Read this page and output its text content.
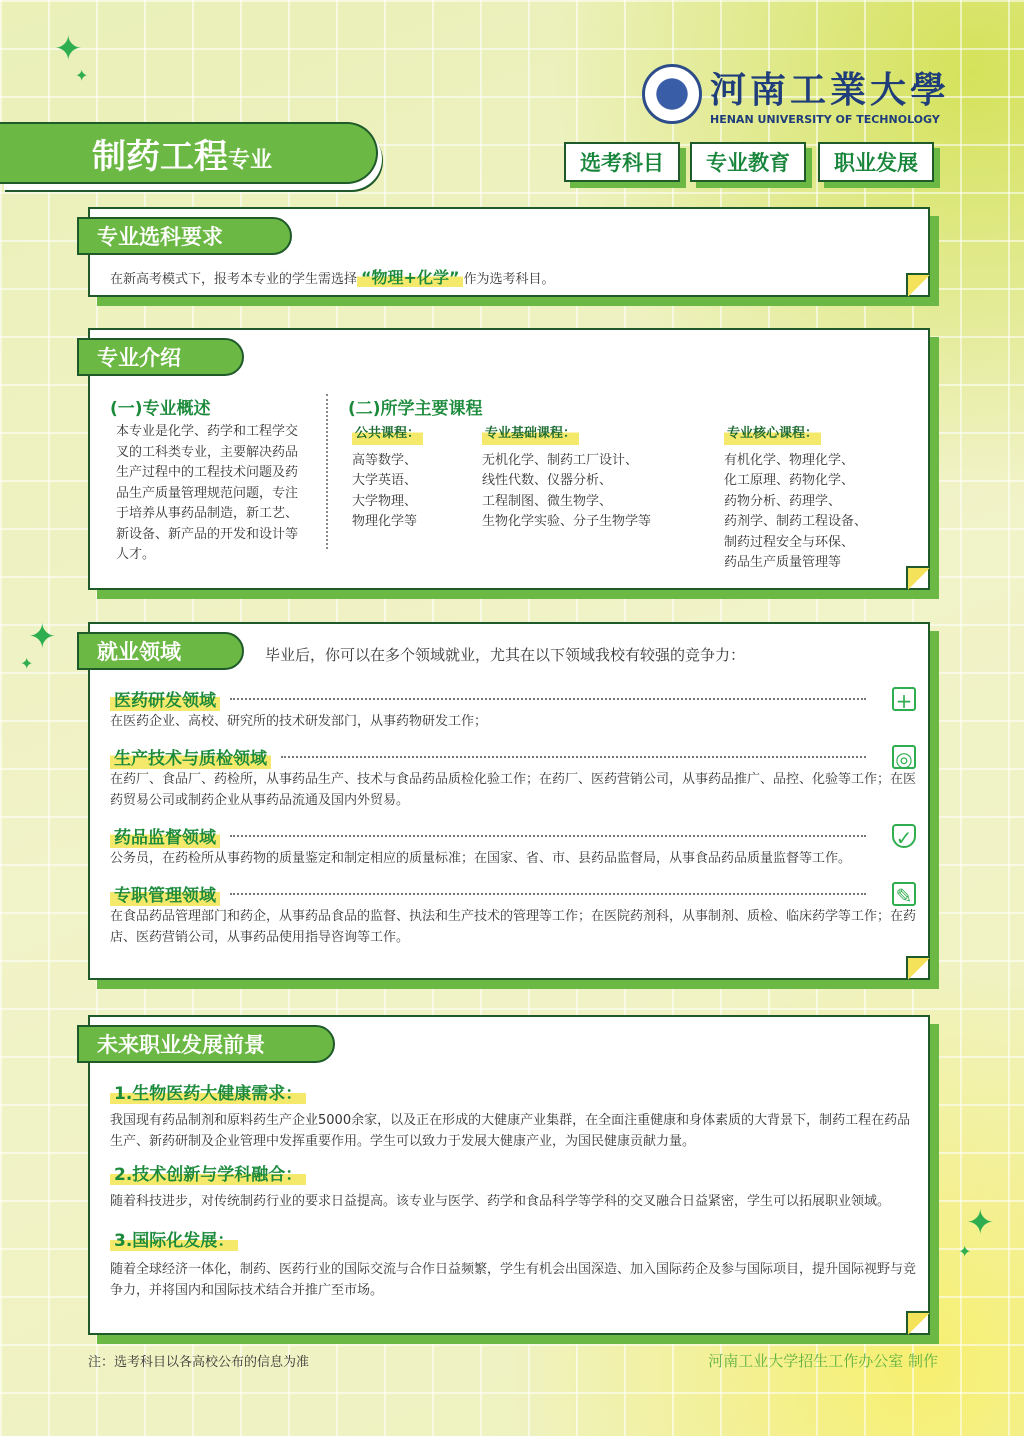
✦
✦
✦
✦
✦
✦
河南工業大學
HENAN UNIVERSITY OF TECHNOLOGY
制药工程 专业	选考科目	专业教育	职业发展
专业选科要求
在新高考模式下，报考本专业的学生需选择 “物理+化学” 作为选考科目。
专业介绍
(一)专业概述
本专业是化学、药学和工程学交叉的工科类专业，主要解决药品生产过程中的工程技术问题及药品生产质量管理规范问题，专注于培养从事药品制造，新工艺、新设备、新产品的开发和设计等人才。
(二)所学主要课程
公共课程：
高等数学、
大学英语、
大学物理、
物理化学等
专业基础课程：
无机化学、制药工厂设计、
线性代数、仪器分析、
工程制图、微生物学、
生物化学实验、分子生物学等
专业核心课程：
有机化学、物理化学、
化工原理、药物化学、
药物分析、药理学、
药剂学、制药工程设备、
制药过程安全与环保、
药品生产质量管理等
就业领域	毕业后，你可以在多个领域就业，尤其在以下领域我校有较强的竞争力：
医药研发领域	+
在医药企业、高校、研究所的技术研发部门，从事药物研发工作；
生产技术与质检领域	◎
在药厂、食品厂、药检所，从事药品生产、技术与食品药品质检化验工作；在药厂、医药营销公司，从事药品推广、品控、化验等工作；在医药贸易公司或制药企业从事药品流通及国内外贸易。
药品监督领域	✓
公务员，在药检所从事药物的质量鉴定和制定相应的质量标准；在国家、省、市、县药品监督局，从事食品药品质量监督等工作。
专职管理领域	✎
在食品药品管理部门和药企，从事药品食品的监督、执法和生产技术的管理等工作；在医院药剂科，从事制剂、质检、临床药学等工作；在药店、医药营销公司，从事药品使用指导咨询等工作。
未来职业发展前景
1.生物医药大健康需求：
我国现有药品制剂和原料药生产企业5000余家，以及正在形成的大健康产业集群，在全面注重健康和身体素质的大背景下，制药工程在药品生产、新药研制及企业管理中发挥重要作用。学生可以致力于发展大健康产业，为国民健康贡献力量。
2.技术创新与学科融合：
随着科技进步，对传统制药行业的要求日益提高。该专业与医学、药学和食品科学等学科的交叉融合日益紧密，学生可以拓展职业领域。
3.国际化发展：
随着全球经济一体化，制药、医药行业的国际交流与合作日益频繁，学生有机会出国深造、加入国际药企及参与国际项目，提升国际视野与竞争力，并将国内和国际技术结合并推广至市场。
注：选考科目以各高校公布的信息为准	河南工业大学招生工作办公室 制作
